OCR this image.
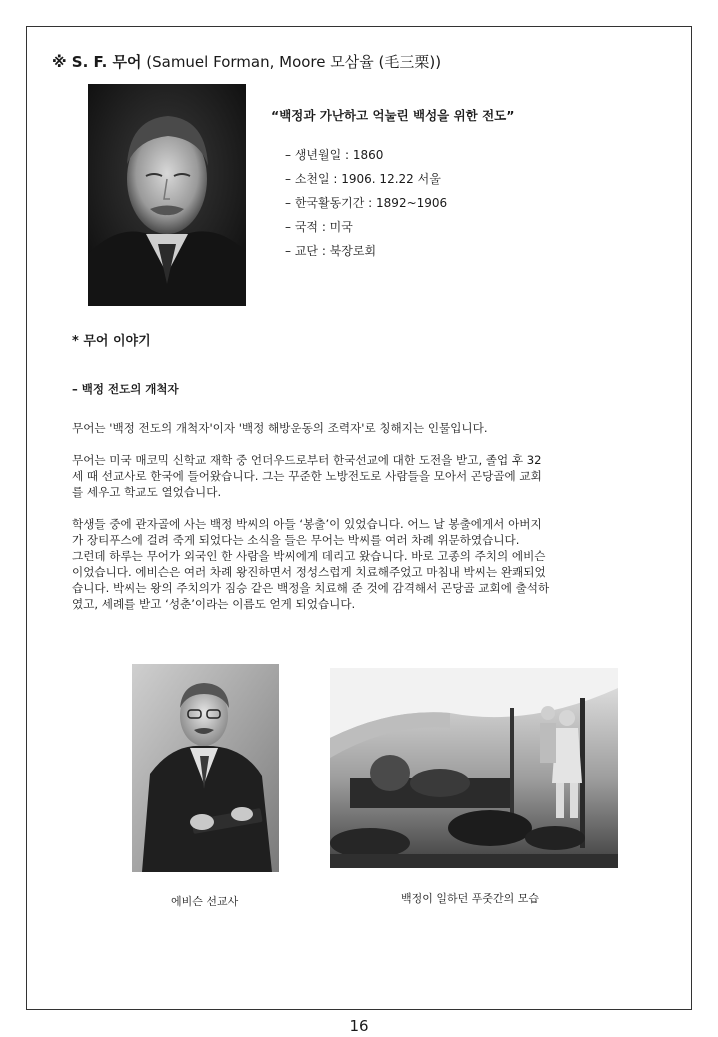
※ S. F. 무어 (Samuel Forman, Moore 모삼율 (毛三栗))
“백정과 가난하고 억눌린 백성을 위한 전도”
– 생년월일 : 1860
– 소천일 : 1906. 12.22 서울
– 한국활동기간 : 1892~1906
– 국적 : 미국
– 교단 : 북장로회
* 무어 이야기
– 백정 전도의 개척자
무어는 '백정 전도의 개척자'이자 '백정 해방운동의 조력자'로 칭해지는 인물입니다.
무어는 미국 매코믹 신학교 재학 중 언더우드로부터 한국선교에 대한 도전을 받고, 졸업 후 32
세 때 선교사로 한국에 들어왔습니다. 그는 꾸준한 노방전도로 사람들을 모아서 곤당골에 교회
를 세우고 학교도 열었습니다.
학생들 중에 관자골에 사는 백정 박씨의 아들 ‘봉출’이 있었습니다. 어느 날 봉출에게서 아버지
가 장티푸스에 걸려 죽게 되었다는 소식을 들은 무어는 박씨를 여러 차례 위문하였습니다.
그런데 하루는 무어가 외국인 한 사람을 박씨에게 데리고 왔습니다. 바로 고종의 주치의 에비슨
이었습니다. 에비슨은 여러 차례 왕진하면서 정성스럽게 치료해주었고 마침내 박씨는 완쾌되었
습니다. 박씨는 왕의 주치의가 짐승 같은 백정을 치료해 준 것에 감격해서 곤당골 교회에 출석하
였고, 세례를 받고 ‘성춘’이라는 이름도 얻게 되었습니다.
에비슨 선교사	백정이 일하던 푸줏간의 모습
16
